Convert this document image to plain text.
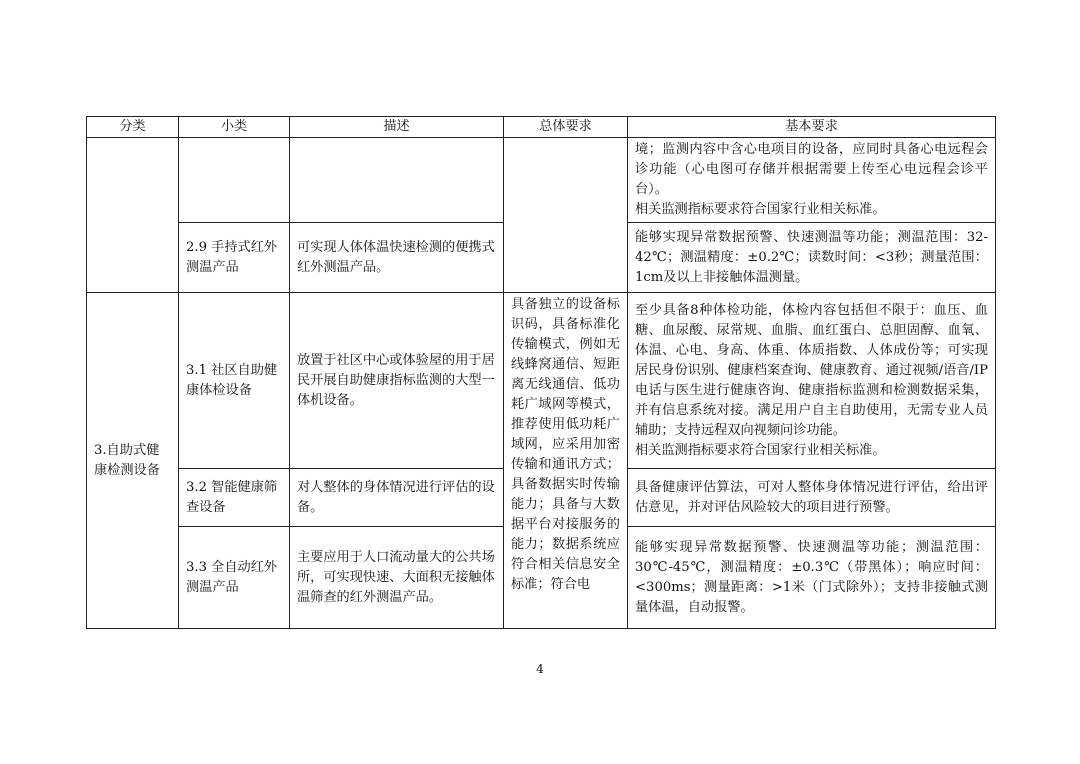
分类	小类	描述	总体要求	基本要求

				境；监测内容中含心电项目的设备，应同时具备心电远程会诊功能（心电图可存储并根据需要上传至心电远程会诊平台）。
相关监测指标要求符合国家行业相关标准。

	2.9 手持式红外测温产品	可实现人体体温快速检测的便携式红外测温产品。		能够实现异常数据预警、快速测温等功能；测温范围：32-42℃；测温精度：±0.2℃；读数时间：<3秒；测量范围：1cm及以上非接触体温测量。
3.自助式健康检测设备	3.1 社区自助健康体检设备	放置于社区中心或体验屋的用于居民开展自助健康指标监测的大型一体机设备。	具备独立的设备标识码，具备标准化传输模式，例如无线蜂窝通信、短距离无线通信、低功耗广域网等模式，推荐使用低功耗广域网，应采用加密传输和通讯方式；具备数据实时传输能力；具备与大数据平台对接服务的能力；数据系统应符合相关信息安全标准；符合电	至少具备8种体检功能，体检内容包括但不限于：血压、血糖、血尿酸、尿常规、血脂、血红蛋白、总胆固醇、血氧、体温、心电、身高、体重、体质指数、人体成份等；可实现居民身份识别、健康档案查询、健康教育、通过视频/语音/IP电话与医生进行健康咨询、健康指标监测和检测数据采集，并有信息系统对接。满足用户自主自助使用，无需专业人员辅助；支持远程双向视频问诊功能。
相关监测指标要求符合国家行业相关标准。

	3.2 智能健康筛查设备	对人整体的身体情况进行评估的设备。		具备健康评估算法，可对人整体身体情况进行评估，给出评估意见，并对评估风险较大的项目进行预警。
	3.3 全自动红外测温产品	主要应用于人口流动量大的公共场所，可实现快速、大面积无接触体温筛查的红外测温产品。		能够实现异常数据预警、快速测温等功能；测温范围：30℃-45℃，测温精度：±0.3℃（带黑体）；响应时间：<300ms；测量距离：>1米（门式除外）；支持非接触式测量体温，自动报警。
4
